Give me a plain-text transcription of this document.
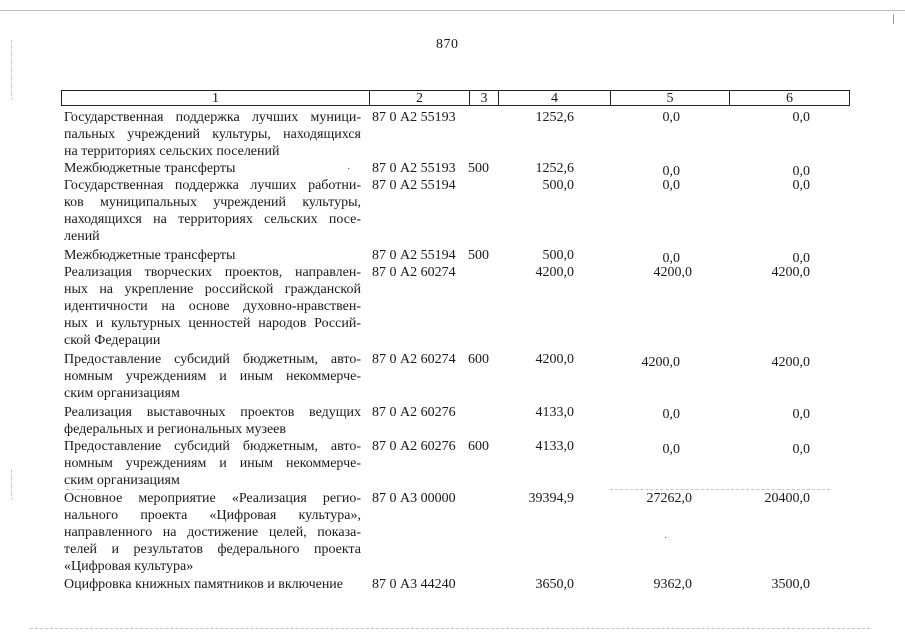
870
1	2	3	4	5	6
Государственная поддержка лучших муници-
пальных учреждений культуры, находящихся
на территориях сельских поселений
87 0 А2 55193	1252,6	0,0	0,0
Межбюджетные трансферты	87 0 А2 55193 500	1252,6	0,0	0,0
·
Государственная поддержка лучших работни-
ков муниципальных учреждений культуры,
находящихся на территориях сельских посе-
лений
87 0 А2 55194	500,0	0,0	0,0
Межбюджетные трансферты	87 0 А2 55194 500	500,0	0,0	0,0
Реализация творческих проектов, направлен-
ных на укрепление российской гражданской
идентичности на основе духовно-нравствен-
ных и культурных ценностей народов Россий-
ской Федерации
87 0 А2 60274	4200,0	4200,0	4200,0
Предоставление субсидий бюджетным, авто-
номным учреждениям и иным некоммерче-
ским организациям
87 0 А2 60274 600	4200,0	4200,0	4200,0
Реализация выставочных проектов ведущих
федеральных и региональных музеев
87 0 А2 60276	4133,0	0,0	0,0
Предоставление субсидий бюджетным, авто-
номным учреждениям и иным некоммерче-
ским организациям
87 0 А2 60276 600	4133,0	0,0	0,0
Основное мероприятие «Реализация регио-
нального проекта «Цифровая культура»,
направленного на достижение целей, показа-
телей и результатов федерального проекта
«Цифровая культура»
87 0 А3 00000	39394,9	27262,0	20400,0
·
Оцифровка книжных памятников и включение	87 0 А3 44240	3650,0	9362,0	3500,0
